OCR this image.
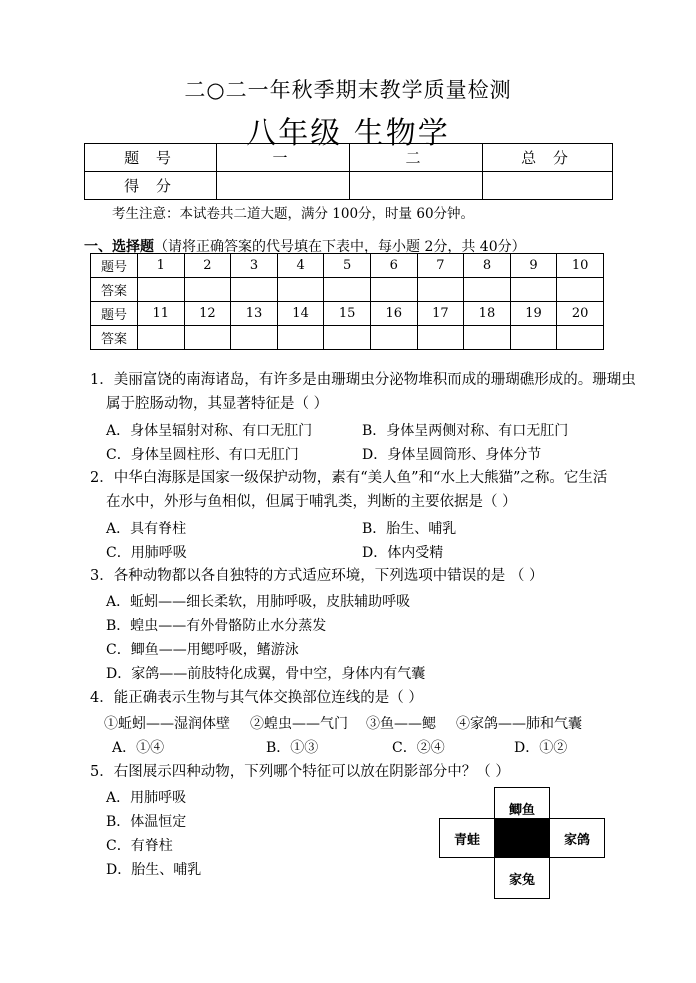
二○二一年秋季期末教学质量检测
八年级 生物学
题 号	一	二	总 分
得 分			
考生注意：本试卷共二道大题，满分 100分，时量 60分钟。
一、选择题（请将正确答案的代号填在下表中，每小题 2分，共 40分）
题号	1	2	3	4	5	6	7	8	9	10
答案										
题号	11	12	13	14	15	16	17	18	19	20
答案										
1．美丽富饶的南海诸岛，有许多是由珊瑚虫分泌物堆积而成的珊瑚礁形成的。珊瑚虫
属于腔肠动物，其显著特征是（ ）
A．身体呈辐射对称、有口无肛门	B．身体呈两侧对称、有口无肛门
C．身体呈圆柱形、有口无肛门	D．身体呈圆筒形、身体分节
2．中华白海豚是国家一级保护动物，素有“美人鱼”和“水上大熊猫”之称。它生活
在水中，外形与鱼相似，但属于哺乳类，判断的主要依据是（ ）
A．具有脊柱	B．胎生、哺乳
C．用肺呼吸	D．体内受精
3．各种动物都以各自独特的方式适应环境，下列选项中错误的是 （ ）
A．蚯蚓——细长柔软，用肺呼吸，皮肤辅助呼吸
B．蝗虫——有外骨骼防止水分蒸发
C．鲫鱼——用鳃呼吸，鳍游泳
D．家鸽——前肢特化成翼，骨中空，身体内有气囊
4．能正确表示生物与其气体交换部位连线的是（ ）
①蚯蚓——湿润体壁 ②蝗虫——气门 ③鱼——鳃 ④家鸽——肺和气囊
A．①④	B．①③	C．②④	D．①②
5．右图展示四种动物，下列哪个特征可以放在阴影部分中？（ ）
A．用肺呼吸
B．体温恒定
C．有脊柱
D．胎生、哺乳
鲫鱼
青蛙	家鸽
家兔
